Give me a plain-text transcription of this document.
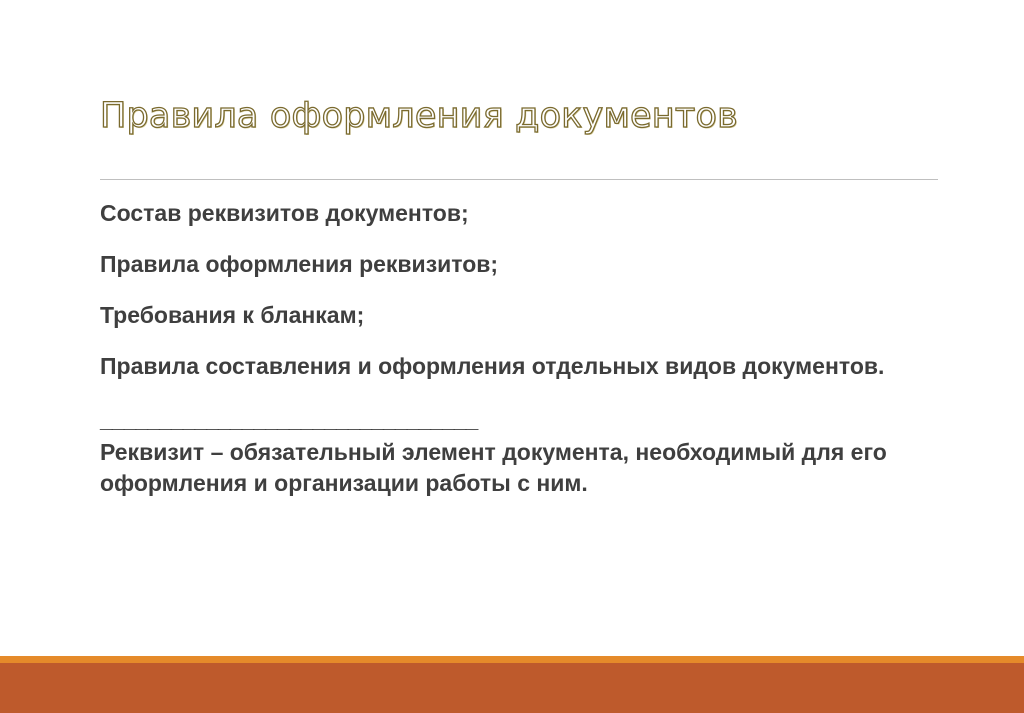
Правила оформления документов

Состав реквизитов документов;

Правила оформления реквизитов;

Требования к бланкам;

Правила составления и оформления отдельных видов документов.

________________________________

Реквизит – обязательный элемент документа, необходимый для его оформления и организации работы с ним.
